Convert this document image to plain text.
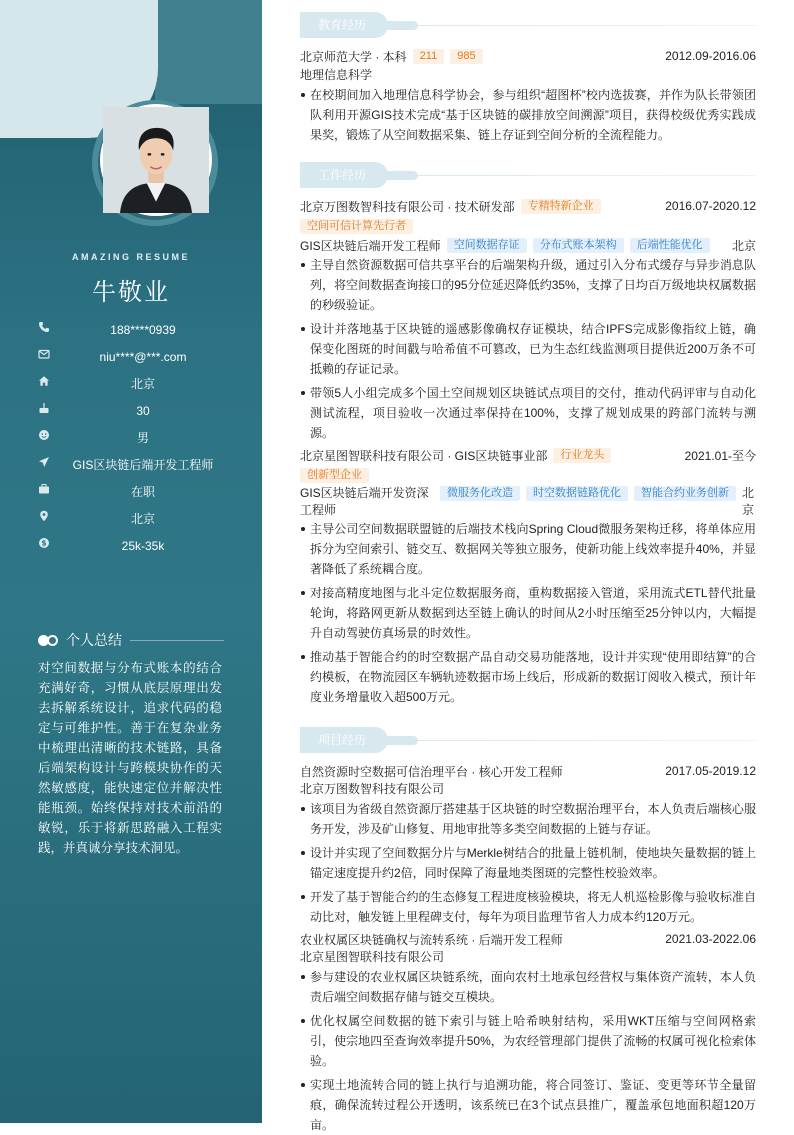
AMAZING RESUME
牛敬业
188****0939
niu****@***.com
北京
30
男
GIS区块链后端开发工程师
在职
北京
$	25k-35k
个人总结
对空间数据与分布式账本的结合充满好奇，习惯从底层原理出发去拆解系统设计，追求代码的稳定与可维护性。善于在复杂业务中梳理出清晰的技术链路，具备后端架构设计与跨模块协作的天然敏感度，能快速定位并解决性能瓶颈。始终保持对技术前沿的敏锐，乐于将新思路融入工程实践，并真诚分享技术洞见。
教育经历
北京师范大学 · 本科	211	985	2012.09-2016.06
地理信息科学
在校期间加入地理信息科学协会，参与组织“超图杯”校内选拔赛，并作为队长带领团队利用开源GIS技术完成“基于区块链的碳排放空间溯源”项目，获得校级优秀实践成果奖，锻炼了从空间数据采集、链上存证到空间分析的全流程能力。
工作经历
北京万图数智科技有限公司 · 技术研发部	专精特新企业	2016.07-2020.12
空间可信计算先行者
GIS区块链后端开发工程师	空间数据存证	分布式账本架构	后端性能优化	北京
主导自然资源数据可信共享平台的后端架构升级，通过引入分布式缓存与异步消息队列，将空间数据查询接口的95分位延迟降低约35%，支撑了日均百万级地块权属数据的秒级验证。
设计并落地基于区块链的遥感影像确权存证模块，结合IPFS完成影像指纹上链，确保变化图斑的时间戳与哈希值不可篡改，已为生态红线监测项目提供近200万条不可抵赖的存证记录。
带领5人小组完成多个国土空间规划区块链试点项目的交付，推动代码评审与自动化测试流程，项目验收一次通过率保持在100%，支撑了规划成果的跨部门流转与溯源。
北京星图智联科技有限公司 · GIS区块链事业部	行业龙头	2021.01-至今
创新型企业
GIS区块链后端开发资深工程师
微服务化改造	时空数据链路优化	智能合约业务创新	北京
主导公司空间数据联盟链的后端技术栈向Spring Cloud微服务架构迁移，将单体应用拆分为空间索引、链交互、数据网关等独立服务，使新功能上线效率提升40%，并显著降低了系统耦合度。
对接高精度地图与北斗定位数据服务商，重构数据接入管道，采用流式ETL替代批量轮询，将路网更新从数据到达至链上确认的时间从2小时压缩至25分钟以内，大幅提升自动驾驶仿真场景的时效性。
推动基于智能合约的时空数据产品自动交易功能落地，设计并实现“使用即结算”的合约模板，在物流园区车辆轨迹数据市场上线后，形成新的数据订阅收入模式，预计年度业务增量收入超500万元。
项目经历
自然资源时空数据可信治理平台 · 核心开发工程师	2017.05-2019.12
北京万图数智科技有限公司
该项目为省级自然资源厅搭建基于区块链的时空数据治理平台，本人负责后端核心服务开发，涉及矿山修复、用地审批等多类空间数据的上链与存证。
设计并实现了空间数据分片与Merkle树结合的批量上链机制，使地块矢量数据的链上锚定速度提升约2倍，同时保障了海量地类图斑的完整性校验效率。
开发了基于智能合约的生态修复工程进度核验模块，将无人机巡检影像与验收标准自动比对，触发链上里程碑支付，每年为项目监理节省人力成本约120万元。
农业权属区块链确权与流转系统 · 后端开发工程师	2021.03-2022.06
北京星图智联科技有限公司
参与建设的农业权属区块链系统，面向农村土地承包经营权与集体资产流转，本人负责后端空间数据存储与链交互模块。
优化权属空间数据的链下索引与链上哈希映射结构，采用WKT压缩与空间网格索引，使宗地四至查询效率提升50%，为农经管理部门提供了流畅的权属可视化检索体验。
实现土地流转合同的链上执行与追溯功能，将合同签订、鉴证、变更等环节全量留痕，确保流转过程公开透明，该系统已在3个试点县推广，覆盖承包地面积超120万亩。
